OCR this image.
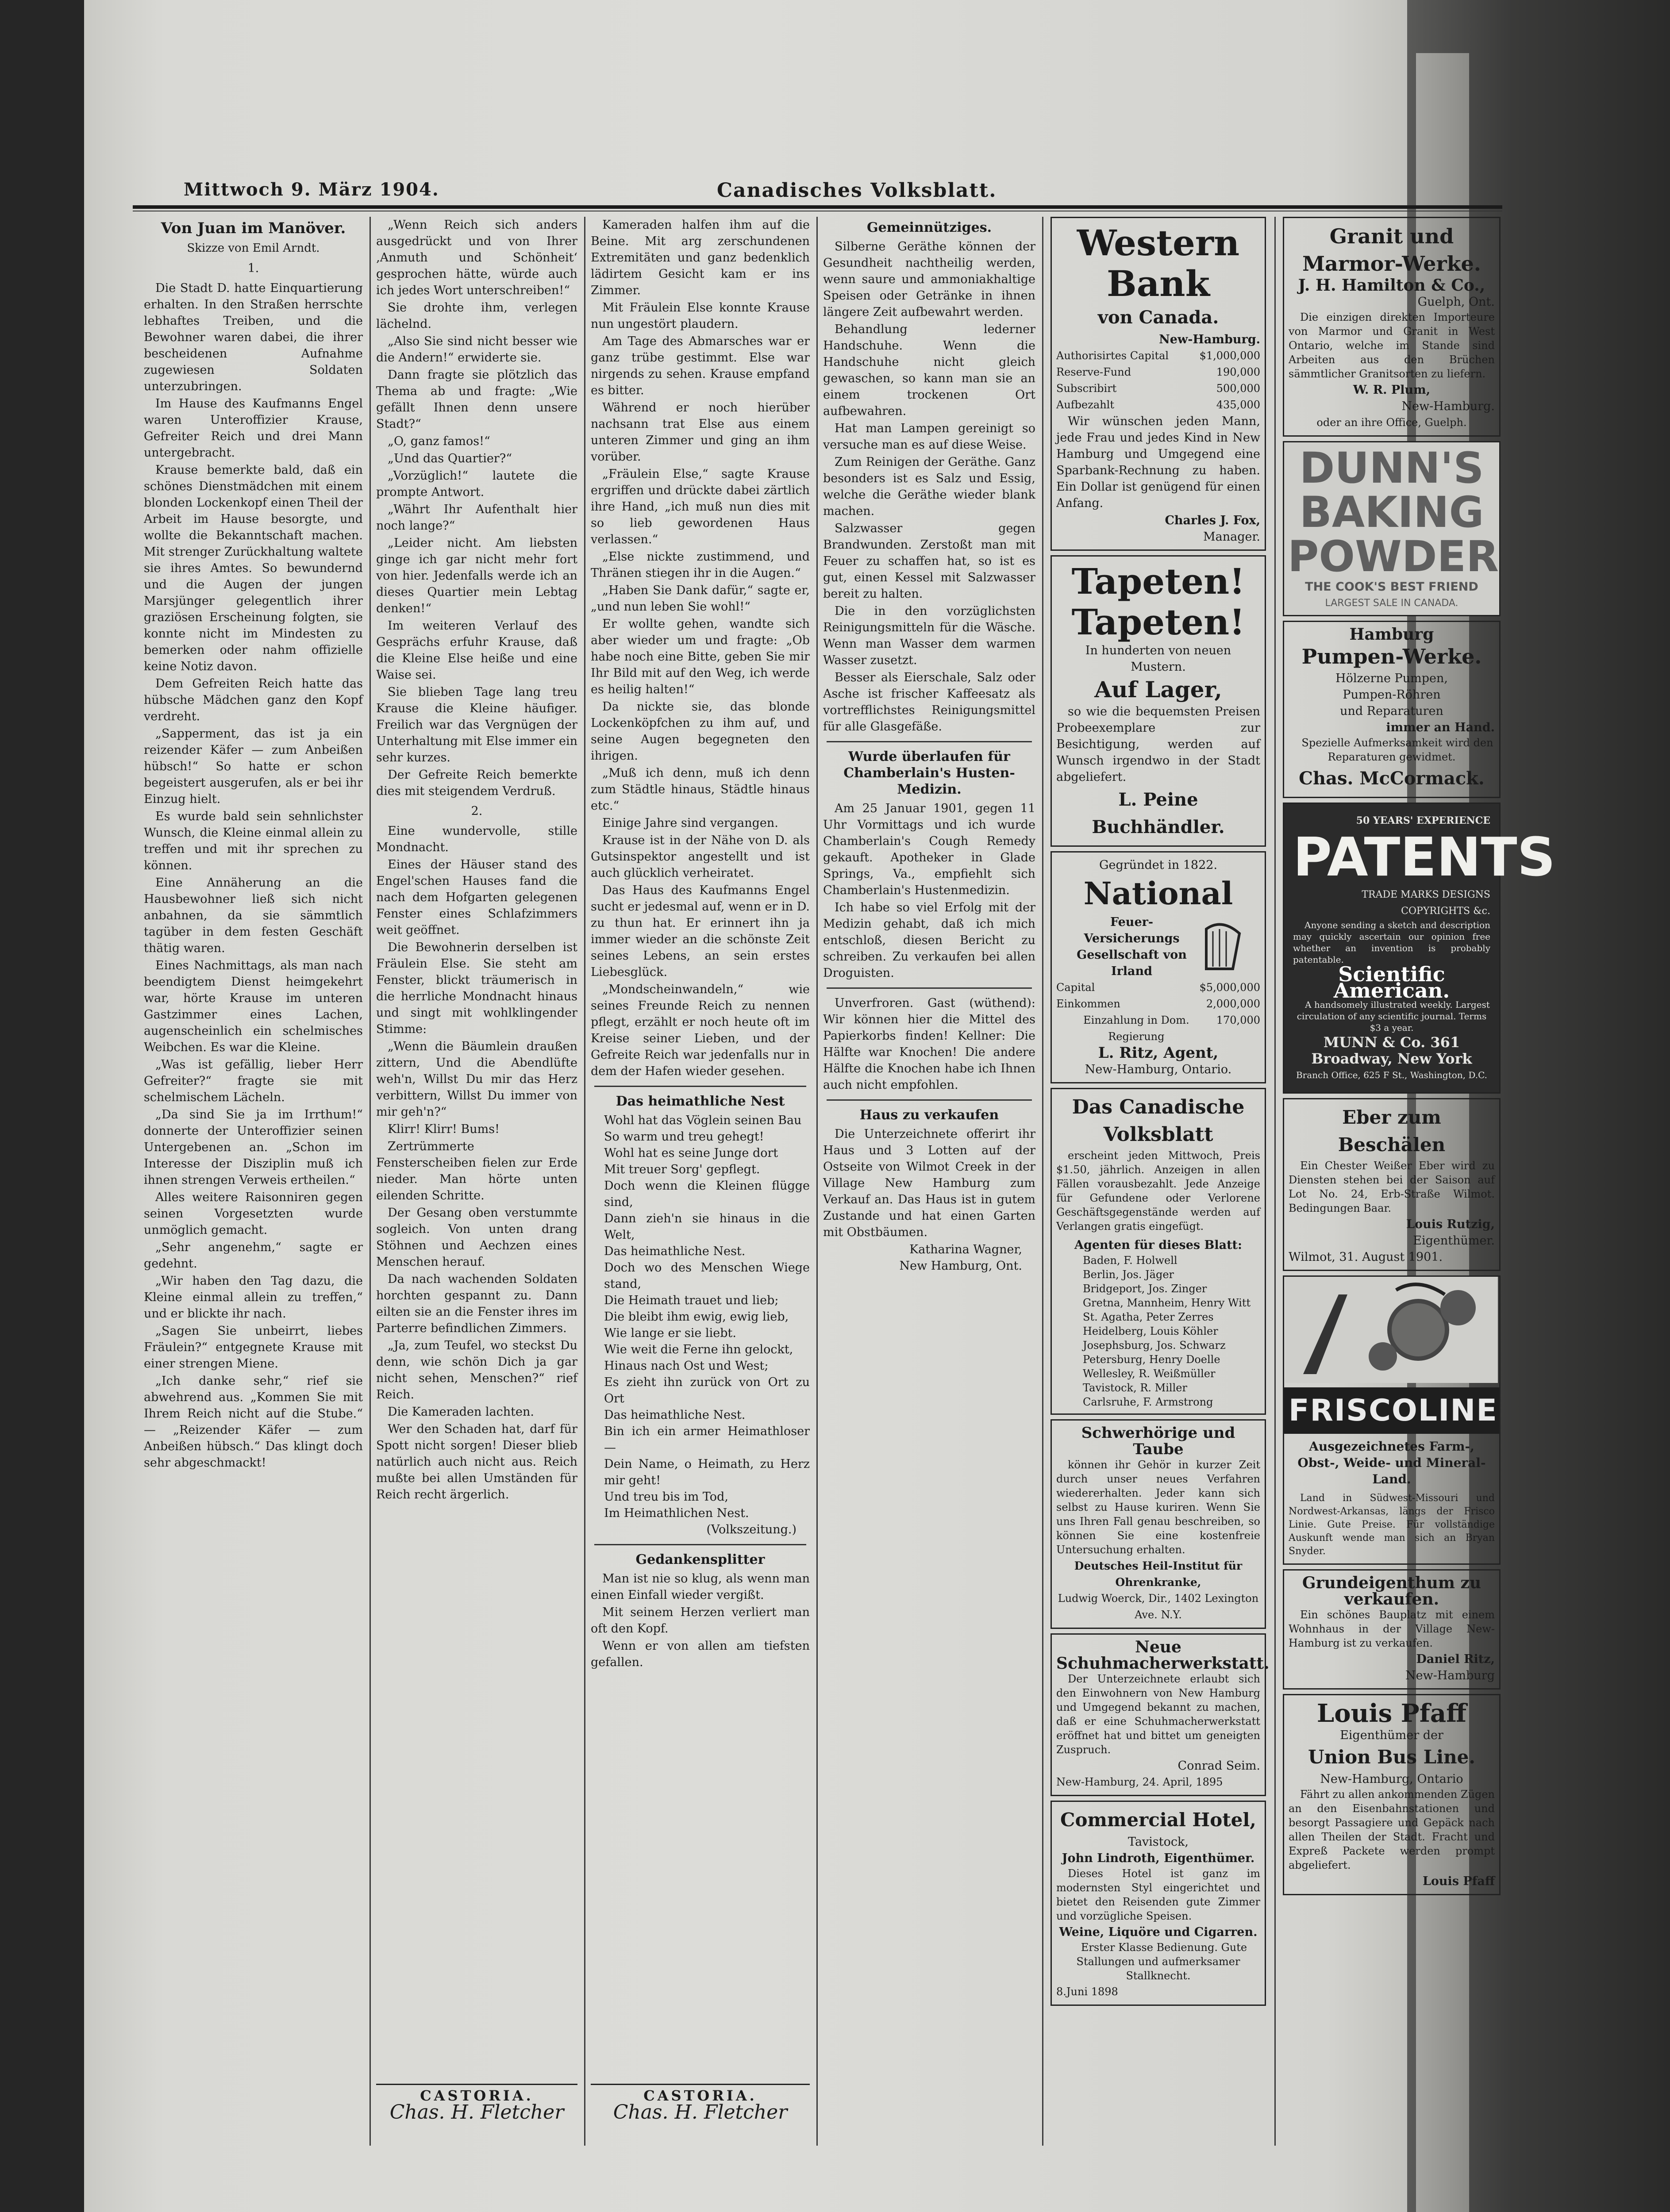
Mittwoch 9. März 1904.	Canadisches Volksblatt.
Von Juan im Manöver.
Skizze von Emil Arndt.
1.

Die Stadt D. hatte Einquartierung erhalten. In den Straßen herrschte lebhaftes Treiben, und die Bewohner waren dabei, die ihrer bescheidenen Aufnahme zugewiesen Soldaten unterzubringen.

Im Hause des Kaufmanns Engel waren Unteroffizier Krause, Gefreiter Reich und drei Mann untergebracht.

Krause bemerkte bald, daß ein schönes Dienstmädchen mit einem blonden Lockenkopf einen Theil der Arbeit im Hause besorgte, und wollte die Bekanntschaft machen. Mit strenger Zurückhaltung waltete sie ihres Amtes. So bewundernd und die Augen der jungen Marsjünger gelegentlich ihrer graziösen Erscheinung folgten, sie konnte nicht im Mindesten zu bemerken oder nahm offizielle keine Notiz davon.

Dem Gefreiten Reich hatte das hübsche Mädchen ganz den Kopf verdreht.

„Sapperment, das ist ja ein reizender Käfer — zum Anbeißen hübsch!“ So hatte er schon begeistert ausgerufen, als er bei ihr Einzug hielt.

Es wurde bald sein sehnlichster Wunsch, die Kleine einmal allein zu treffen und mit ihr sprechen zu können.

Eine Annäherung an die Hausbewohner ließ sich nicht anbahnen, da sie sämmtlich tagüber in dem festen Geschäft thätig waren.

Eines Nachmittags, als man nach beendigtem Dienst heimgekehrt war, hörte Krause im unteren Gastzimmer eines Lachen, augenscheinlich ein schelmisches Weibchen. Es war die Kleine.

„Was ist gefällig, lieber Herr Gefreiter?“ fragte sie mit schelmischem Lächeln.

„Da sind Sie ja im Irrthum!“ donnerte der Unteroffizier seinen Untergebenen an. „Schon im Interesse der Disziplin muß ich ihnen strengen Verweis ertheilen.“

Alles weitere Raisonniren gegen seinen Vorgesetzten wurde unmöglich gemacht.

„Sehr angenehm,“ sagte er gedehnt.

„Wir haben den Tag dazu, die Kleine einmal allein zu treffen,“ und er blickte ihr nach.

„Sagen Sie unbeirrt, liebes Fräulein?“ entgegnete Krause mit einer strengen Miene.

„Ich danke sehr,“ rief sie abwehrend aus. „Kommen Sie mit Ihrem Reich nicht auf die Stube.“ — „Reizender Käfer — zum Anbeißen hübsch.“ Das klingt doch sehr abgeschmackt!

„Wenn Reich sich anders ausgedrückt und von Ihrer ‚Anmuth und Schönheit‘ gesprochen hätte, würde auch ich jedes Wort unterschreiben!“

Sie drohte ihm, verlegen lächelnd.

„Also Sie sind nicht besser wie die Andern!“ erwiderte sie.

Dann fragte sie plötzlich das Thema ab und fragte: „Wie gefällt Ihnen denn unsere Stadt?“

„O, ganz famos!“

„Und das Quartier?“

„Vorzüglich!“ lautete die prompte Antwort.

„Währt Ihr Aufenthalt hier noch lange?“

„Leider nicht. Am liebsten ginge ich gar nicht mehr fort von hier. Jedenfalls werde ich an dieses Quartier mein Lebtag denken!“

Im weiteren Verlauf des Gesprächs erfuhr Krause, daß die Kleine Else heiße und eine Waise sei.

Sie blieben Tage lang treu Krause die Kleine häufiger. Freilich war das Vergnügen der Unterhaltung mit Else immer ein sehr kurzes.

Der Gefreite Reich bemerkte dies mit steigendem Verdruß.

2.

Eine wundervolle, stille Mondnacht.

Eines der Häuser stand des Engel'schen Hauses fand die nach dem Hofgarten gelegenen Fenster eines Schlafzimmers weit geöffnet.

Die Bewohnerin derselben ist Fräulein Else. Sie steht am Fenster, blickt träumerisch in die herrliche Mondnacht hinaus und singt mit wohlklingender Stimme:

„Wenn die Bäumlein draußen zittern, Und die Abendlüfte weh'n, Willst Du mir das Herz verbittern, Willst Du immer von mir geh'n?“

Klirr! Klirr! Bums!

Zertrümmerte Fensterscheiben fielen zur Erde nieder. Man hörte unten eilenden Schritte.

Der Gesang oben verstummte sogleich. Von unten drang Stöhnen und Aechzen eines Menschen herauf.

Da nach wachenden Soldaten horchten gespannt zu. Dann eilten sie an die Fenster ihres im Parterre befindlichen Zimmers.

„Ja, zum Teufel, wo steckst Du denn, wie schön Dich ja gar nicht sehen, Menschen?“ rief Reich.

Die Kameraden lachten.

Wer den Schaden hat, darf für Spott nicht sorgen! Dieser blieb natürlich auch nicht aus. Reich mußte bei allen Umständen für Reich recht ärgerlich.

CASTORIA.
Chas. H. Fletcher

Kameraden halfen ihm auf die Beine. Mit arg zerschundenen Extremitäten und ganz bedenklich lädirtem Gesicht kam er ins Zimmer.

Mit Fräulein Else konnte Krause nun ungestört plaudern.

Am Tage des Abmarsches war er ganz trübe gestimmt. Else war nirgends zu sehen. Krause empfand es bitter.

Während er noch hierüber nachsann trat Else aus einem unteren Zimmer und ging an ihm vorüber.

„Fräulein Else,“ sagte Krause ergriffen und drückte dabei zärtlich ihre Hand, „ich muß nun dies mit so lieb gewordenen Haus verlassen.“

„Else nickte zustimmend, und Thränen stiegen ihr in die Augen.“

„Haben Sie Dank dafür,“ sagte er, „und nun leben Sie wohl!“

Er wollte gehen, wandte sich aber wieder um und fragte: „Ob habe noch eine Bitte, geben Sie mir Ihr Bild mit auf den Weg, ich werde es heilig halten!“

Da nickte sie, das blonde Lockenköpfchen zu ihm auf, und seine Augen begegneten den ihrigen.

„Muß ich denn, muß ich denn zum Städtle hinaus, Städtle hinaus etc.“

Einige Jahre sind vergangen.

Krause ist in der Nähe von D. als Gutsinspektor angestellt und ist auch glücklich verheiratet.

Das Haus des Kaufmanns Engel sucht er jedesmal auf, wenn er in D. zu thun hat. Er erinnert ihn ja immer wieder an die schönste Zeit seines Lebens, an sein erstes Liebesglück.

„Mondscheinwandeln,“ wie seines Freunde Reich zu nennen pflegt, erzählt er noch heute oft im Kreise seiner Lieben, und der Gefreite Reich war jedenfalls nur in dem der Hafen wieder gesehen.

Das heimathliche Nest
Wohl hat das Vöglein seinen Bau
So warm und treu gehegt!
Wohl hat es seine Junge dort
Mit treuer Sorg' gepflegt.
Doch wenn die Kleinen flügge sind,
Dann zieh'n sie hinaus in die Welt,
Das heimathliche Nest.
Doch wo des Menschen Wiege stand,
Die Heimath trauet und lieb;
Die bleibt ihm ewig, ewig lieb,
Wie lange er sie liebt.
Wie weit die Ferne ihn gelockt,
Hinaus nach Ost und West;
Es zieht ihn zurück von Ort zu Ort
Das heimathliche Nest.
Bin ich ein armer Heimathloser —
Dein Name, o Heimath, zu Herz mir geht!
Und treu bis im Tod,
Im Heimathlichen Nest.
(Volkszeitung.)
Gedankensplitter

Man ist nie so klug, als wenn man einen Einfall wieder vergißt.

Mit seinem Herzen verliert man oft den Kopf.

Wenn er von allen am tiefsten gefallen.

CASTORIA.
Chas. H. Fletcher
Gemeinnütziges.

Silberne Geräthe können der Gesundheit nachtheilig werden, wenn saure und ammoniakhaltige Speisen oder Getränke in ihnen längere Zeit aufbewahrt werden.

Behandlung lederner Handschuhe. Wenn die Handschuhe nicht gleich gewaschen, so kann man sie an einem trockenen Ort aufbewahren.

Hat man Lampen gereinigt so versuche man es auf diese Weise.

Zum Reinigen der Geräthe. Ganz besonders ist es Salz und Essig, welche die Geräthe wieder blank machen.

Salzwasser gegen Brandwunden. Zerstoßt man mit Feuer zu schaffen hat, so ist es gut, einen Kessel mit Salzwasser bereit zu halten.

Die in den vorzüglichsten Reinigungsmitteln für die Wäsche. Wenn man Wasser dem warmen Wasser zusetzt.

Besser als Eierschale, Salz oder Asche ist frischer Kaffeesatz als vortrefflichstes Reinigungsmittel für alle Glasgefäße.

Wurde überlaufen für Chamberlain's Husten-Medizin.

Am 25 Januar 1901, gegen 11 Uhr Vormittags und ich wurde Chamberlain's Cough Remedy gekauft. Apotheker in Glade Springs, Va., empfiehlt sich Chamberlain's Hustenmedizin.

Ich habe so viel Erfolg mit der Medizin gehabt, daß ich mich entschloß, diesen Bericht zu schreiben. Zu verkaufen bei allen Droguisten.

Unverfroren. Gast (wüthend): Wir können hier die Mittel des Papierkorbs finden! Kellner: Die Hälfte war Knochen! Die andere Hälfte die Knochen habe ich Ihnen auch nicht empfohlen.

Haus zu verkaufen

Die Unterzeichnete offerirt ihr Haus und 3 Lotten auf der Ostseite von Wilmot Creek in der Village New Hamburg zum Verkauf an. Das Haus ist in gutem Zustande und hat einen Garten mit Obstbäumen.

Katharina Wagner,
New Hamburg, Ont.
Western Bank
von Canada.
New-Hamburg.
Authorisirtes Capital	$1,000,000
Reserve-Fund	190,000
Subscribirt	500,000
Aufbezahlt	435,000

Wir wünschen jeden Mann, jede Frau und jedes Kind in New Hamburg und Umgegend eine Sparbank-Rechnung zu haben. Ein Dollar ist genügend für einen Anfang.

Charles J. Fox,
Manager.
Tapeten! Tapeten!

In hunderten von neuen Mustern.

Auf Lager,

so wie die bequemsten Preisen Probeexemplare zur Besichtigung, werden auf Wunsch irgendwo in der Stadt abgeliefert.

L. Peine Buchhändler.
Gegründet in 1822.
National
Feuer-Versicherungs Gesellschaft von Irland
Capital	$5,000,000
Einkommen	2,000,000
Einzahlung in Dom. Regierung
170,000
L. Ritz, Agent,
New-Hamburg, Ontario.
Das Canadische Volksblatt

erscheint jeden Mittwoch, Preis $1.50, jährlich. Anzeigen in allen Fällen vorausbezahlt. Jede Anzeige für Gefundene oder Verlorene Geschäftsgegenstände werden auf Verlangen gratis eingefügt.

Agenten für dieses Blatt:
Baden, F. Holwell
Berlin, Jos. Jäger
Bridgeport, Jos. Zinger
Gretna, Mannheim, Henry Witt
St. Agatha, Peter Zerres
Heidelberg, Louis Köhler
Josephsburg, Jos. Schwarz
Petersburg, Henry Doelle
Wellesley, R. Weißmüller
Tavistock, R. Miller
Carlsruhe, F. Armstrong
Schwerhörige und Taube

können ihr Gehör in kurzer Zeit durch unser neues Verfahren wiedererhalten. Jeder kann sich selbst zu Hause kuriren. Wenn Sie uns Ihren Fall genau beschreiben, so können Sie eine kostenfreie Untersuchung erhalten.

Deutsches Heil-Institut für Ohrenkranke,
Ludwig Woerck, Dir., 1402 Lexington Ave. N.Y.
Neue Schuhmacherwerkstatt.

Der Unterzeichnete erlaubt sich den Einwohnern von New Hamburg und Umgegend bekannt zu machen, daß er eine Schuhmacherwerkstatt eröffnet hat und bittet um geneigten Zuspruch.

Conrad Seim.
New-Hamburg, 24. April, 1895
Commercial Hotel,
Tavistock,
John Lindroth, Eigenthümer.

Dieses Hotel ist ganz im modernsten Styl eingerichtet und bietet den Reisenden gute Zimmer und vorzügliche Speisen.

Weine, Liquöre und Cigarren.

Erster Klasse Bedienung. Gute Stallungen und aufmerksamer Stallknecht.

8.Juni 1898
Granit und Marmor-Werke.
J. H. Hamilton & Co.,
Guelph, Ont.

Die einzigen direkten Importeure von Marmor und Granit in West Ontario, welche im Stande sind Arbeiten aus den Brüchen sämmtlicher Granitsorten zu liefern.

W. R. Plum,
New-Hamburg.
oder an ihre Office, Guelph.
DUNN'S
BAKING
POWDER
THE COOK'S BEST FRIEND
LARGEST SALE IN CANADA.
Hamburg
Pumpen-Werke.
Hölzerne Pumpen,
Pumpen-Röhren
und Reparaturen
immer an Hand.

Spezielle Aufmerksamkeit wird den Reparaturen gewidmet.

Chas. McCormack.
50 YEARS' EXPERIENCE
PATENTS
TRADE MARKS DESIGNS COPYRIGHTS &c.

Anyone sending a sketch and description may quickly ascertain our opinion free whether an invention is probably patentable.

Scientific American.

A handsomely illustrated weekly. Largest circulation of any scientific journal. Terms $3 a year.

MUNN & Co. 361 Broadway, New York
Branch Office, 625 F St., Washington, D.C.
Eber zum Beschälen

Ein Chester Weißer Eber wird zu Diensten stehen bei der Saison auf Lot No. 24, Erb-Straße Wilmot. Bedingungen Baar.

Louis Rutzig,
Eigenthümer.
Wilmot, 31. August 1901.
FRISCOLINE
Ausgezeichnetes Farm-, Obst-, Weide- und Mineral-Land.

Land in Südwest-Missouri und Nordwest-Arkansas, längs der Frisco Linie. Gute Preise. Für vollständige Auskunft wende man sich an Bryan Snyder.

Grundeigenthum zu verkaufen.

Ein schönes Bauplatz mit einem Wohnhaus in der Village New-Hamburg ist zu verkaufen.

Daniel Ritz,
New-Hamburg
Louis Pfaff
Eigenthümer der
Union Bus Line.
New-Hamburg, Ontario

Fährt zu allen ankommenden Zügen an den Eisenbahnstationen und besorgt Passagiere und Gepäck nach allen Theilen der Stadt. Fracht und Expreß Packete werden prompt abgeliefert.

Louis Pfaff
